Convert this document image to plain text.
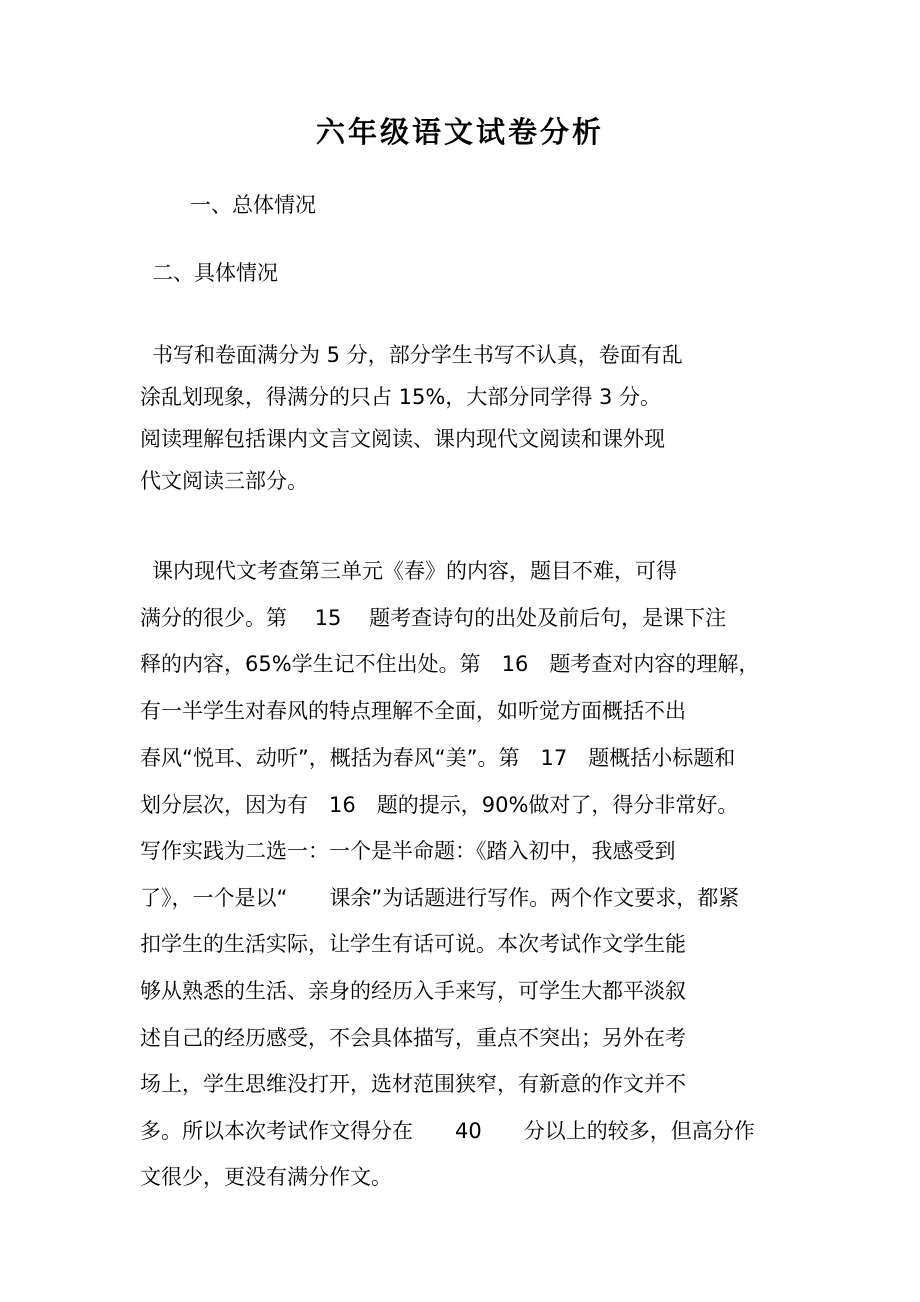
六年级语文试卷分析

一、总体情况

二、具体情况

书写和卷面满分为 5 分，部分学生书写不认真，卷面有乱

涂乱划现象，得满分的只占 15%，大部分同学得 3 分。

阅读理解包括课内文言文阅读、课内现代文阅读和课外现

代文阅读三部分。

课内现代文考查第三单元《春》的内容，题目不难，可得

满分的很少。第　 15 　题考查诗句的出处及前后句，是课下注

释的内容，65%学生记不住出处。第　16　题考查对内容的理解，

有一半学生对春风的特点理解不全面，如听觉方面概括不出

春风“悦耳、动听”，概括为春风“美”。第　17　题概括小标题和

划分层次，因为有　16　题的提示，90%做对了，得分非常好。

写作实践为二选一：一个是半命题：《踏入初中，我感受到

了》，一个是以“　　课余”为话题进行写作。两个作文要求，都紧

扣学生的生活实际，让学生有话可说。本次考试作文学生能

够从熟悉的生活、亲身的经历入手来写，可学生大都平淡叙

述自己的经历感受，不会具体描写，重点不突出；另外在考

场上，学生思维没打开，选材范围狭窄，有新意的作文并不

多。所以本次考试作文得分在　　40　　分以上的较多，但高分作

文很少，更没有满分作文。
